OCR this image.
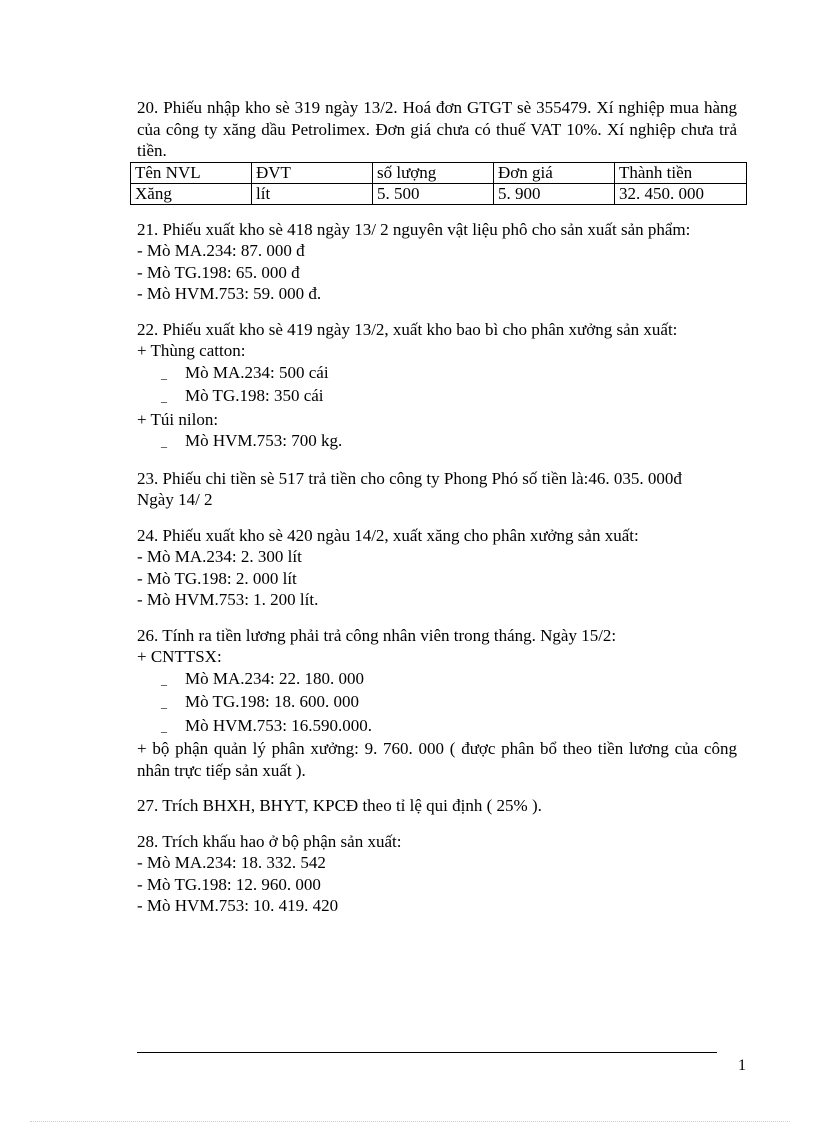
20. Phiếu nhập kho sè 319 ngày 13/2. Hoá đơn GTGT sè 355479. Xí nghiệp mua hàng của công ty xăng dầu Petrolimex. Đơn giá chưa có thuế VAT 10%. Xí nghiệp chưa trả tiền.

Tên NVL	ĐVT	số lượng	Đơn giá	Thành tiền
Xăng	lít	5. 500	5. 900	32. 450. 000

21. Phiếu xuất kho sè 418 ngày 13/ 2 nguyên vật liệu phô cho sản xuất sản phẩm:

- Mò MA.234: 87. 000 đ

- Mò TG.198: 65. 000 đ

- Mò HVM.753: 59. 000 đ.

22. Phiếu xuất kho sè 419 ngày 13/2, xuất kho bao bì cho phân xưởng sản xuất:

+ Thùng catton:

_ Mò MA.234: 500 cái

_ Mò TG.198: 350 cái

+ Túi nilon:

_ Mò HVM.753: 700 kg.

23. Phiếu chi tiền sè 517 trả tiền cho công ty Phong Phó số tiền là:46. 035. 000đ

Ngày 14/ 2

24. Phiếu xuất kho sè 420 ngàu 14/2, xuất xăng cho phân xưởng sản xuất:

- Mò MA.234: 2. 300 lít

- Mò TG.198: 2. 000 lít

- Mò HVM.753: 1. 200 lít.

26. Tính ra tiền lương phải trả công nhân viên trong tháng. Ngày 15/2:

+ CNTTSX:

_ Mò MA.234: 22. 180. 000

_ Mò TG.198: 18. 600. 000

_ Mò HVM.753: 16.590.000.

+ bộ phận quản lý phân xưởng: 9. 760. 000 ( được phân bổ theo tiền lương của công nhân trực tiếp sản xuất ).

27. Trích BHXH, BHYT, KPCĐ theo tỉ lệ qui định ( 25% ).

28. Trích khấu hao ở bộ phận sản xuất:

- Mò MA.234: 18. 332. 542

- Mò TG.198: 12. 960. 000

- Mò HVM.753: 10. 419. 420

1
